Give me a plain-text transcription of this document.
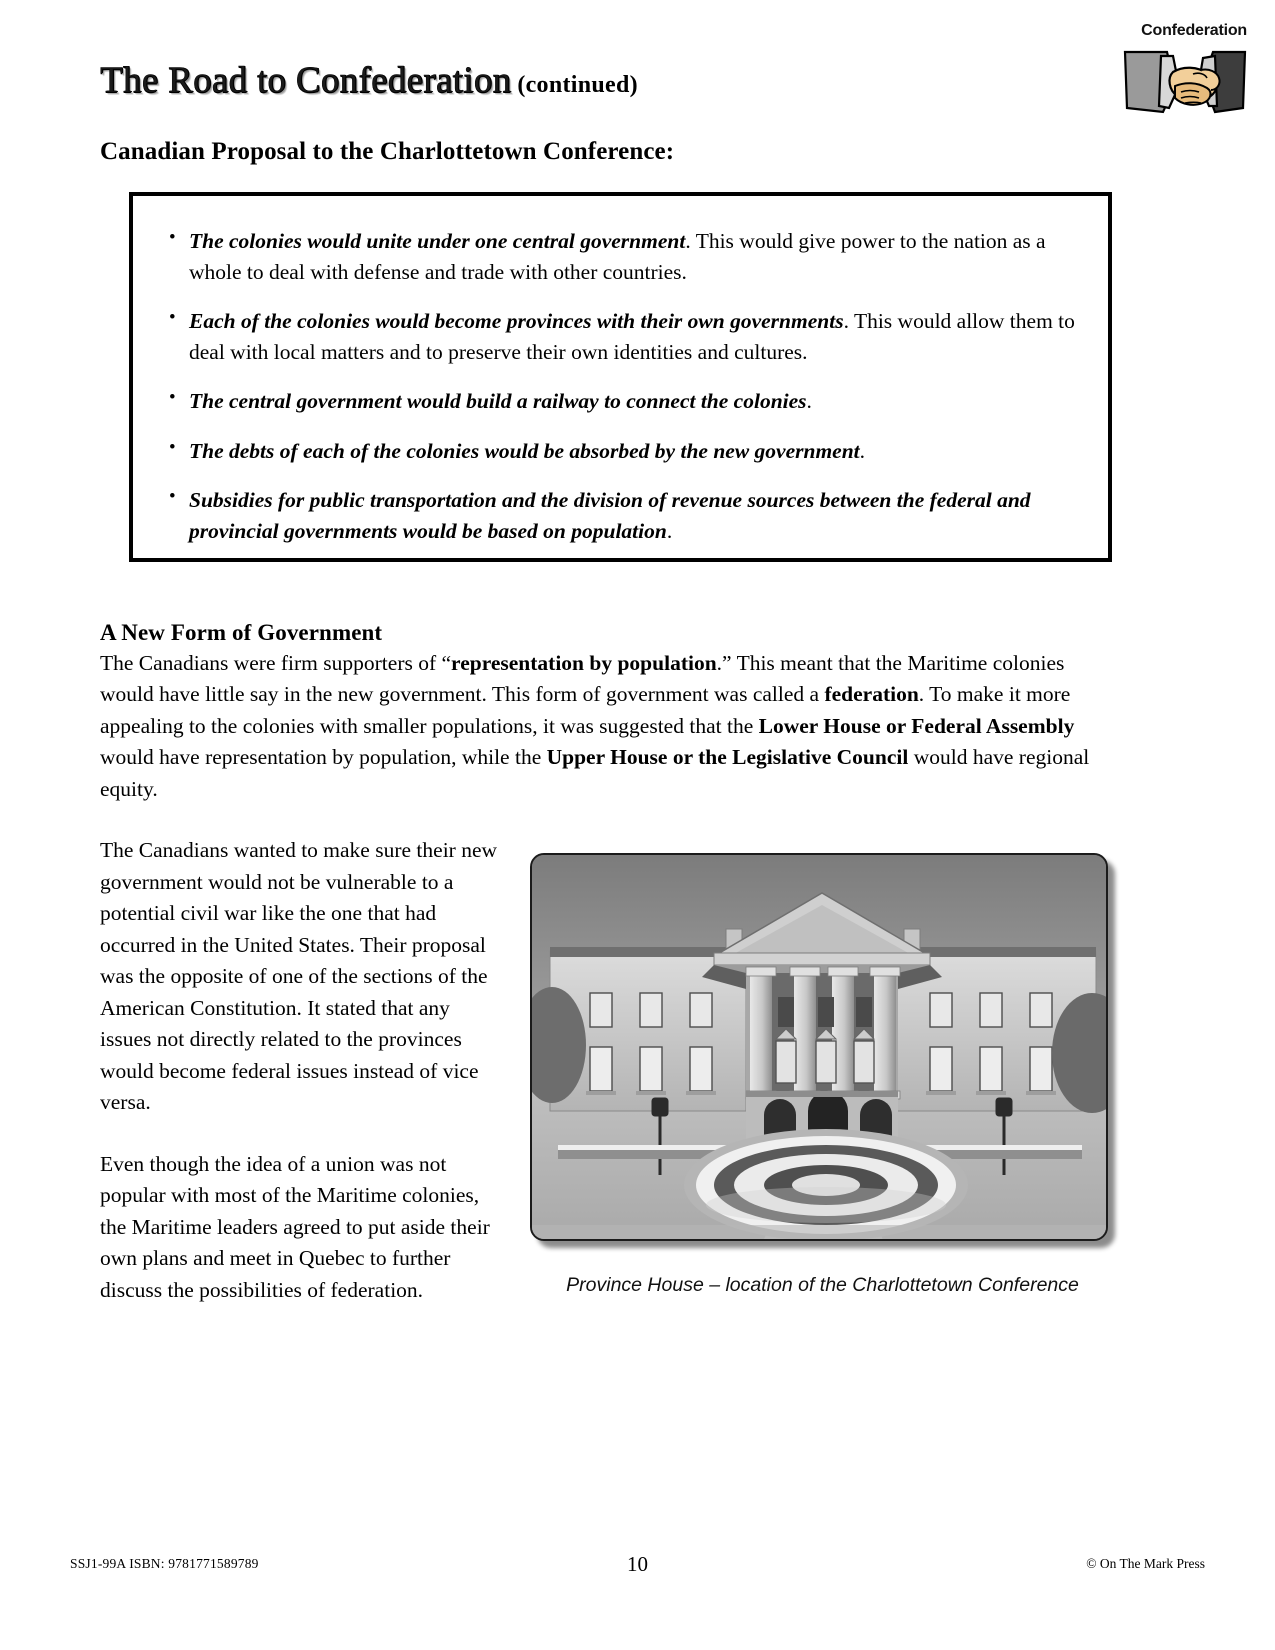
The Road to Confederation (continued)
Confederation
Canadian Proposal to the Charlottetown Conference:
• The colonies would unite under one central government. This would give power to the nation as a whole to deal with defense and trade with other countries.
• Each of the colonies would become provinces with their own governments. This would allow them to deal with local matters and to preserve their own identities and cultures.
• The central government would build a railway to connect the colonies.
• The debts of each of the colonies would be absorbed by the new government.
• Subsidies for public transportation and the division of revenue sources between the federal and provincial governments would be based on population.
A New Form of Government

The Canadians were firm supporters of “representation by population.” This meant that the Maritime colonies would have little say in the new government. This form of government was called a federation. To make it more appealing to the colonies with smaller populations, it was suggested that the Lower House or Federal Assembly would have representation by population, while the Upper House or the Legislative Council would have regional equity.

Province House – location of the Charlottetown Conference

The Canadians wanted to make sure their new government would not be vulnerable to a potential civil war like the one that had occurred in the United States. Their proposal was the opposite of one of the sections of the American Constitution. It stated that any issues not directly related to the provinces would become federal issues instead of vice versa.

Even though the idea of a union was not popular with most of the Maritime colonies, the Maritime leaders agreed to put aside their own plans and meet in Quebec to further discuss the possibilities of federation.

SSJ1-99A ISBN: 9781771589789	10	© On The Mark Press
